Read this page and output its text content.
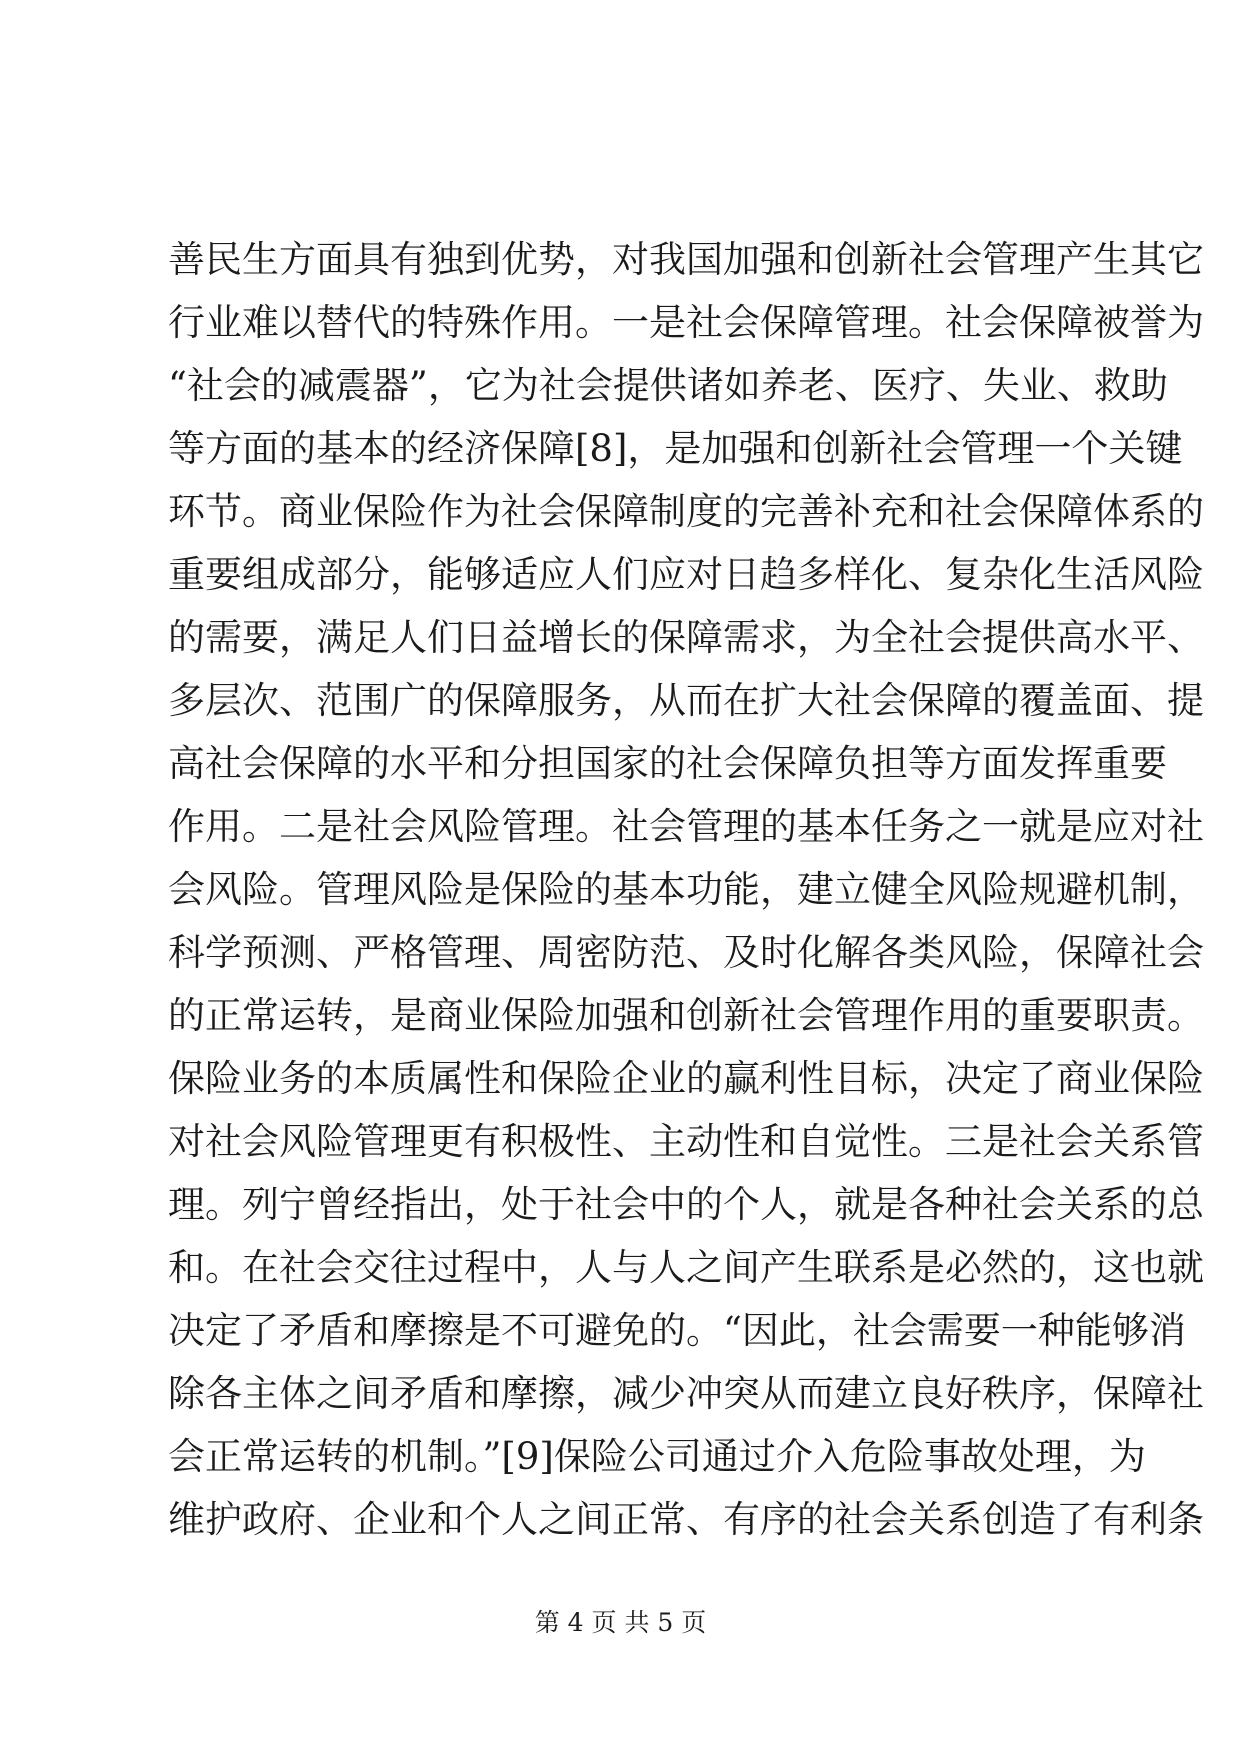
善民生方面具有独到优势，对我国加强和创新社会管理产生其它
行业难以替代的特殊作用。一是社会保障管理。社会保障被誉为
“社会的减震器”，它为社会提供诸如养老、医疗、失业、救助
等方面的基本的经济保障[8]，是加强和创新社会管理一个关键
环节。商业保险作为社会保障制度的完善补充和社会保障体系的
重要组成部分，能够适应人们应对日趋多样化、复杂化生活风险
的需要，满足人们日益增长的保障需求，为全社会提供高水平、
多层次、范围广的保障服务，从而在扩大社会保障的覆盖面、提
高社会保障的水平和分担国家的社会保障负担等方面发挥重要
作用。二是社会风险管理。社会管理的基本任务之一就是应对社
会风险。管理风险是保险的基本功能，建立健全风险规避机制，
科学预测、严格管理、周密防范、及时化解各类风险，保障社会
的正常运转，是商业保险加强和创新社会管理作用的重要职责。
保险业务的本质属性和保险企业的赢利性目标，决定了商业保险
对社会风险管理更有积极性、主动性和自觉性。三是社会关系管
理。列宁曾经指出，处于社会中的个人，就是各种社会关系的总
和。在社会交往过程中，人与人之间产生联系是必然的，这也就
决定了矛盾和摩擦是不可避免的。“因此，社会需要一种能够消
除各主体之间矛盾和摩擦，减少冲突从而建立良好秩序，保障社
会正常运转的机制。”[9]保险公司通过介入危险事故处理，为
维护政府、企业和个人之间正常、有序的社会关系创造了有利条
第 4 页 共 5 页
